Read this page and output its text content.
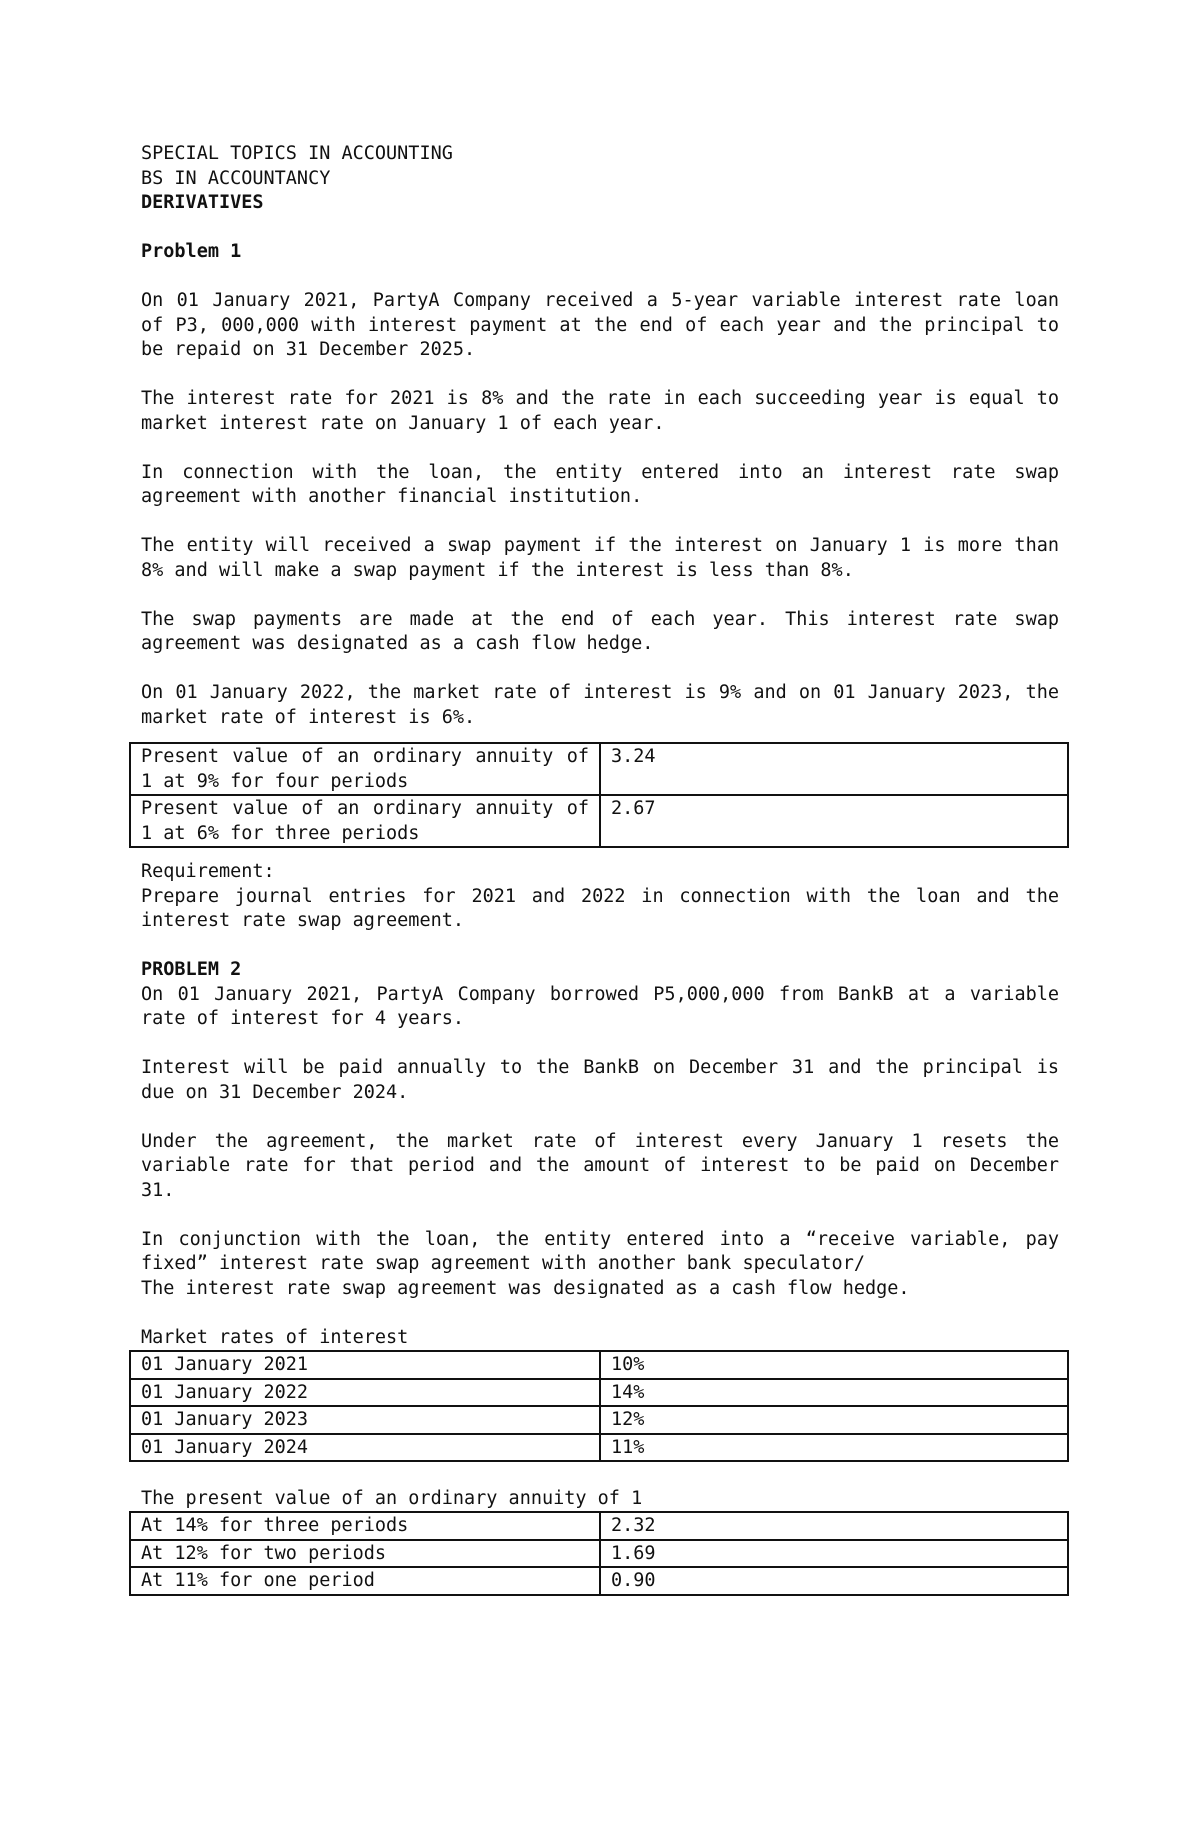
SPECIAL TOPICS IN ACCOUNTING

BS IN ACCOUNTANCY

DERIVATIVES

Problem 1

On 01 January 2021, PartyA Company received a 5-year variable interest rate loan of P3, 000,000 with interest payment at the end of each year and the principal to be repaid on 31 December 2025.

The interest rate for 2021 is 8% and the rate in each succeeding year is equal to market interest rate on January 1 of each year.

In connection with the loan, the entity entered into an interest rate swap agreement with another financial institution.

The entity will received a swap payment if the interest on January 1 is more than 8% and will make a swap payment if the interest is less than 8%.

The swap payments are made at the end of each year. This interest rate swap agreement was designated as a cash flow hedge.

On 01 January 2022, the market rate of interest is 9% and on 01 January 2023, the market rate of interest is 6%.

Present value of an ordinary annuity of 1 at 9% for four periods	3.24
Present value of an ordinary annuity of 1 at 6% for three periods	2.67

Requirement:

Prepare journal entries for 2021 and 2022 in connection with the loan and the interest rate swap agreement.

PROBLEM 2

On 01 January 2021, PartyA Company borrowed P5,000,000 from BankB at a variable rate of interest for 4 years.

Interest will be paid annually to the BankB on December 31 and the principal is due on 31 December 2024.

Under the agreement, the market rate of interest every January 1 resets the variable rate for that period and the amount of interest to be paid on December 31.

In conjunction with the loan, the entity entered into a “receive variable, pay fixed” interest rate swap agreement with another bank speculator/

The interest rate swap agreement was designated as a cash flow hedge.

Market rates of interest

01 January 2021	10%
01 January 2022	14%
01 January 2023	12%
01 January 2024	11%

The present value of an ordinary annuity of 1

At 14% for three periods	2.32
At 12% for two periods	1.69
At 11% for one period	0.90
